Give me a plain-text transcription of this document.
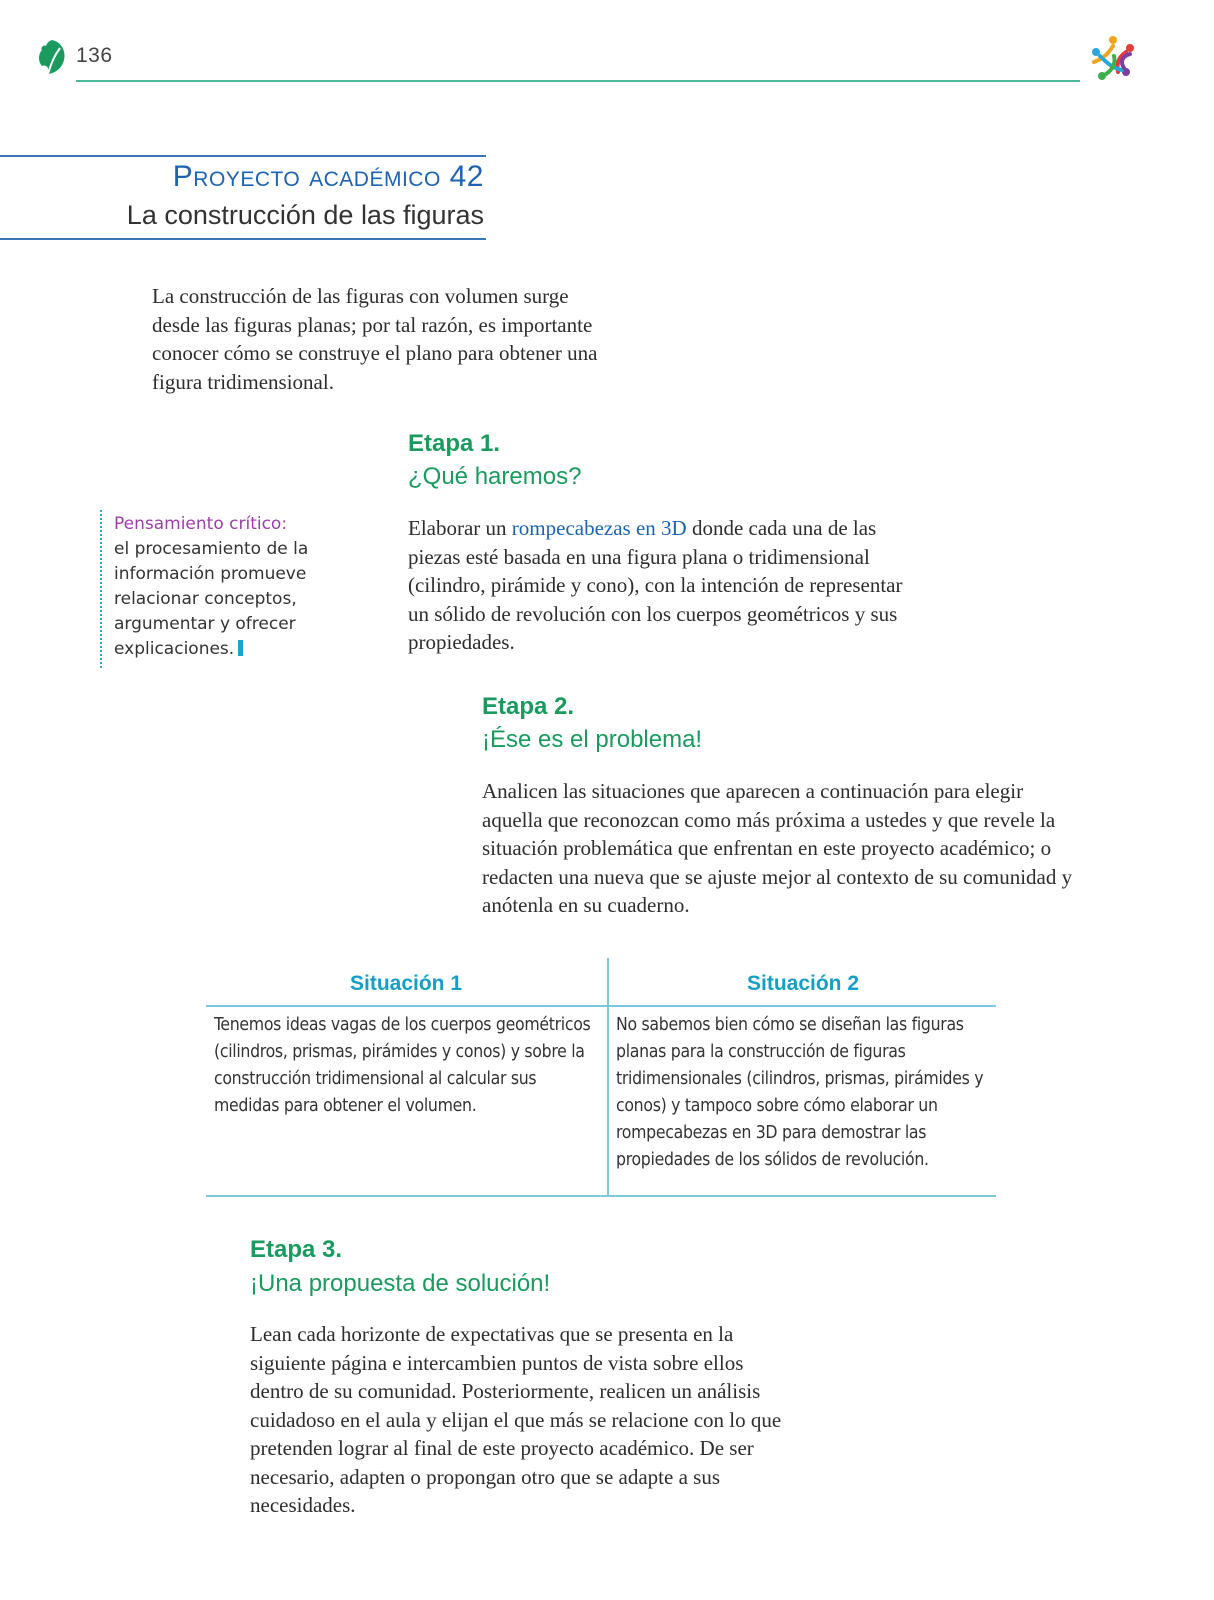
136
Proyecto académico 42
La construcción de las figuras
La construcción de las figuras con volumen surge desde las figuras planas; por tal razón, es importante conocer cómo se construye el plano para obtener una figura tridimensional.
Etapa 1.
¿Qué haremos?
Elaborar un rompecabezas en 3D donde cada una de las piezas esté basada en una figura plana o tridimensional (cilindro, pirámide y cono), con la intención de representar un sólido de revolución con los cuerpos geométricos y sus propiedades.
Pensamiento crítico:
el procesamiento de la información promueve relacionar conceptos, argumentar y ofrecer explicaciones.
Etapa 2.
¡Ése es el problema!
Analicen las situaciones que aparecen a continuación para elegir aquella que reconozcan como más próxima a ustedes y que revele la situación problemática que enfrentan en este proyecto académico; o redacten una nueva que se ajuste mejor al contexto de su comunidad y anótenla en su cuaderno.
Situación 1	Situación 2
Tenemos ideas vagas de los cuerpos geométricos (cilindros, prismas, pirámides y conos) y sobre la construcción tridimensional al calcular sus medidas para obtener el volumen.
No sabemos bien cómo se diseñan las figuras planas para la construcción de figuras tridimensionales (cilindros, prismas, pirámides y conos) y tampoco sobre cómo elaborar un rompecabezas en 3D para demostrar las propiedades de los sólidos de revolución.
Etapa 3.
¡Una propuesta de solución!
Lean cada horizonte de expectativas que se presenta en la siguiente página e intercambien puntos de vista sobre ellos dentro de su comunidad. Posteriormente, realicen un análisis cuidadoso en el aula y elijan el que más se relacione con lo que pretenden lograr al final de este proyecto académico. De ser necesario, adapten o propongan otro que se adapte a sus necesidades.
